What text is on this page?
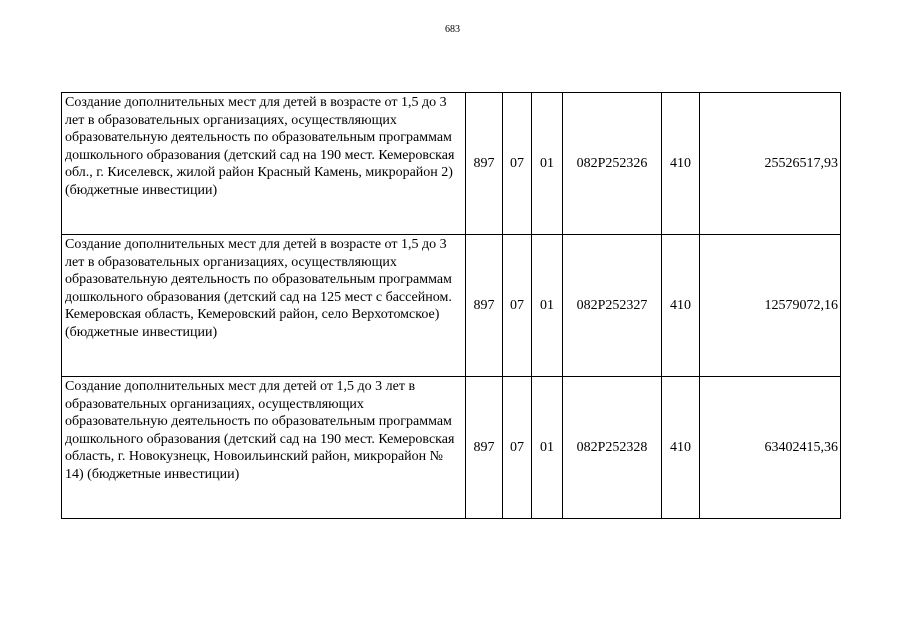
683
Создание дополнительных мест для детей в возрасте от 1,5 до 3 лет в образовательных организациях, осуществляющих образовательную деятельность по образовательным программам дошкольного образования (детский сад на 190 мест. Кемеровская обл., г. Киселевск, жилой район Красный Камень, микрорайон 2) (бюджетные инвестиции)	897	07	01	082P252326	410	25526517,93
Создание дополнительных мест для детей в возрасте от 1,5 до 3 лет в образовательных организациях, осуществляющих образовательную деятельность по образовательным программам дошкольного образования (детский сад на 125 мест с бассейном. Кемеровская область, Кемеровский район, село Верхотомское) (бюджетные инвестиции)	897	07	01	082P252327	410	12579072,16
Создание дополнительных мест для детей от 1,5 до 3 лет в образовательных организациях, осуществляющих образовательную деятельность по образовательным программам дошкольного образования (детский сад на 190 мест. Кемеровская область, г. Новокузнецк, Новоильинский район, микрорайон № 14) (бюджетные инвестиции)	897	07	01	082P252328	410	63402415,36
